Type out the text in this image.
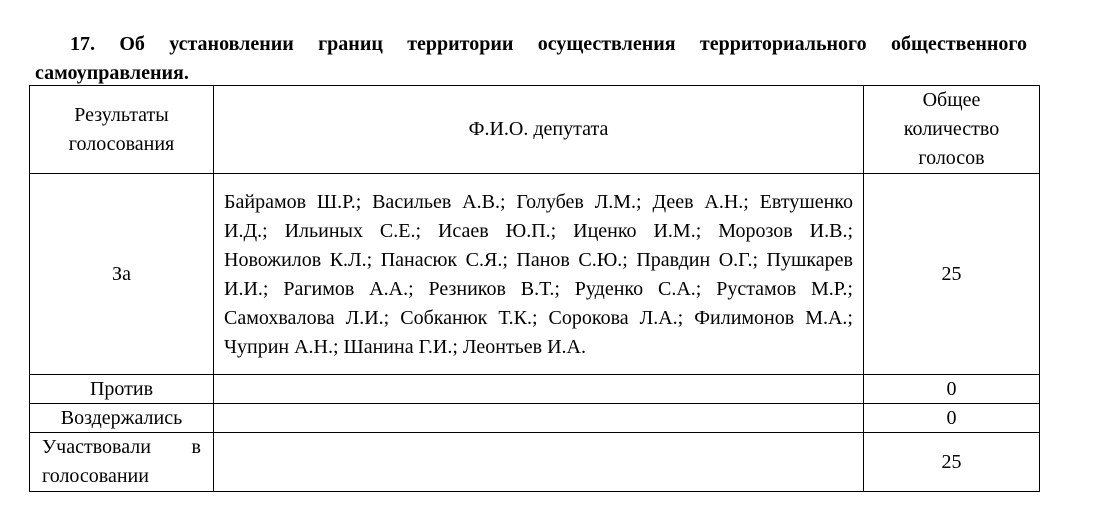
17. Об установлении границ территории осуществления территориального общественного самоуправления.
Результаты голосования	Ф.И.О. депутата	Общее количество голосов
За	Байрамов Ш.Р.; Васильев А.В.; Голубев Л.М.; Деев А.Н.; Евтушенко И.Д.; Ильиных С.Е.; Исаев Ю.П.; Иценко И.М.; Морозов И.В.; Новожилов К.Л.; Панасюк С.Я.; Панов С.Ю.; Правдин О.Г.; Пушкарев И.И.; Рагимов А.А.; Резников В.Т.; Руденко С.А.; Рустамов М.Р.; Самохвалова Л.И.; Собканюк Т.К.; Сорокова Л.А.; Филимонов М.А.; Чуприн А.Н.; Шанина Г.И.; Леонтьев И.А.	25
Против		0
Воздержались		0
Участвовали в голосовании		25
